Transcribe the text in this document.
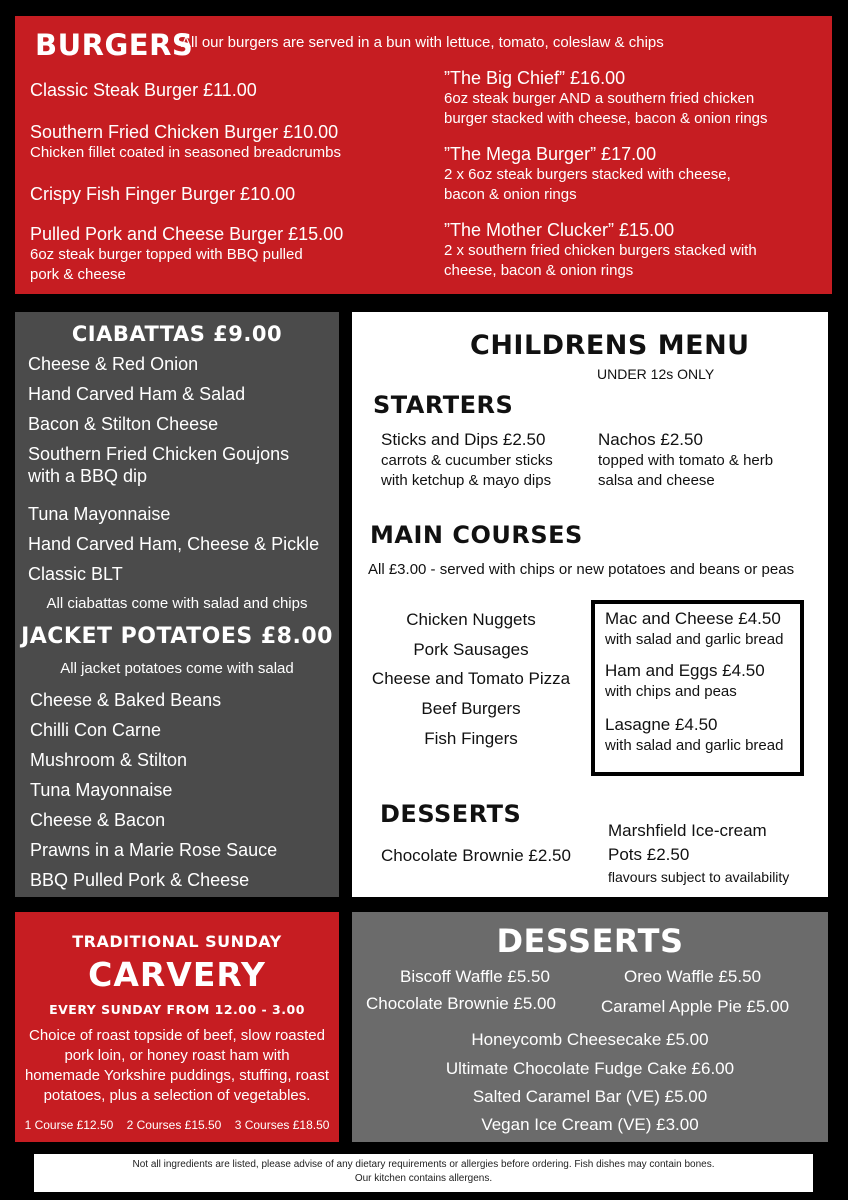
BURGERS
All our burgers are served in a bun with lettuce, tomato, coleslaw & chips
Classic Steak Burger £11.00
Southern Fried Chicken Burger £10.00
Chicken fillet coated in seasoned breadcrumbs
Crispy Fish Finger Burger £10.00
Pulled Pork and Cheese Burger £15.00
6oz steak burger topped with BBQ pulled
pork & cheese
”The Big Chief” £16.00
6oz steak burger AND a southern fried chicken
burger stacked with cheese, bacon & onion rings
”The Mega Burger” £17.00
2 x 6oz steak burgers stacked with cheese,
bacon & onion rings
”The Mother Clucker” £15.00
2 x southern fried chicken burgers stacked with
cheese, bacon & onion rings
CIABATTAS £9.00
Cheese & Red Onion
Hand Carved Ham & Salad
Bacon & Stilton Cheese
Southern Fried Chicken Goujons
with a BBQ dip
Tuna Mayonnaise
Hand Carved Ham, Cheese & Pickle
Classic BLT
All ciabattas come with salad and chips
JACKET POTATOES £8.00
All jacket potatoes come with salad
Cheese & Baked Beans
Chilli Con Carne
Mushroom & Stilton
Tuna Mayonnaise
Cheese & Bacon
Prawns in a Marie Rose Sauce
BBQ Pulled Pork & Cheese
CHILDRENS MENU
UNDER 12s ONLY
STARTERS
Sticks and Dips £2.50
carrots & cucumber sticks
with ketchup & mayo dips
Nachos £2.50
topped with tomato & herb
salsa and cheese
MAIN COURSES
All £3.00 - served with chips or new potatoes and beans or peas
Chicken Nuggets
Pork Sausages
Cheese and Tomato Pizza
Beef Burgers
Fish Fingers
Mac and Cheese £4.50
with salad and garlic bread
Ham and Eggs £4.50
with chips and peas
Lasagne £4.50
with salad and garlic bread
DESSERTS
Chocolate Brownie £2.50
Marshfield Ice-cream
Pots £2.50
flavours subject to availability
TRADITIONAL SUNDAY
CARVERY
EVERY SUNDAY FROM 12.00 - 3.00
Choice of roast topside of beef, slow roasted
pork loin, or honey roast ham with
homemade Yorkshire puddings, stuffing, roast
potatoes, plus a selection of vegetables.
1 Course £12.50    2 Courses £15.50    3 Courses £18.50
DESSERTS
Biscoff Waffle £5.50	Oreo Waffle £5.50
Chocolate Brownie £5.00	Caramel Apple Pie £5.00
Honeycomb Cheesecake £5.00
Ultimate Chocolate Fudge Cake £6.00
Salted Caramel Bar (VE) £5.00
Vegan Ice Cream (VE) £3.00
Not all ingredients are listed, please advise of any dietary requirements or allergies before ordering. Fish dishes may contain bones.
Our kitchen contains allergens.
